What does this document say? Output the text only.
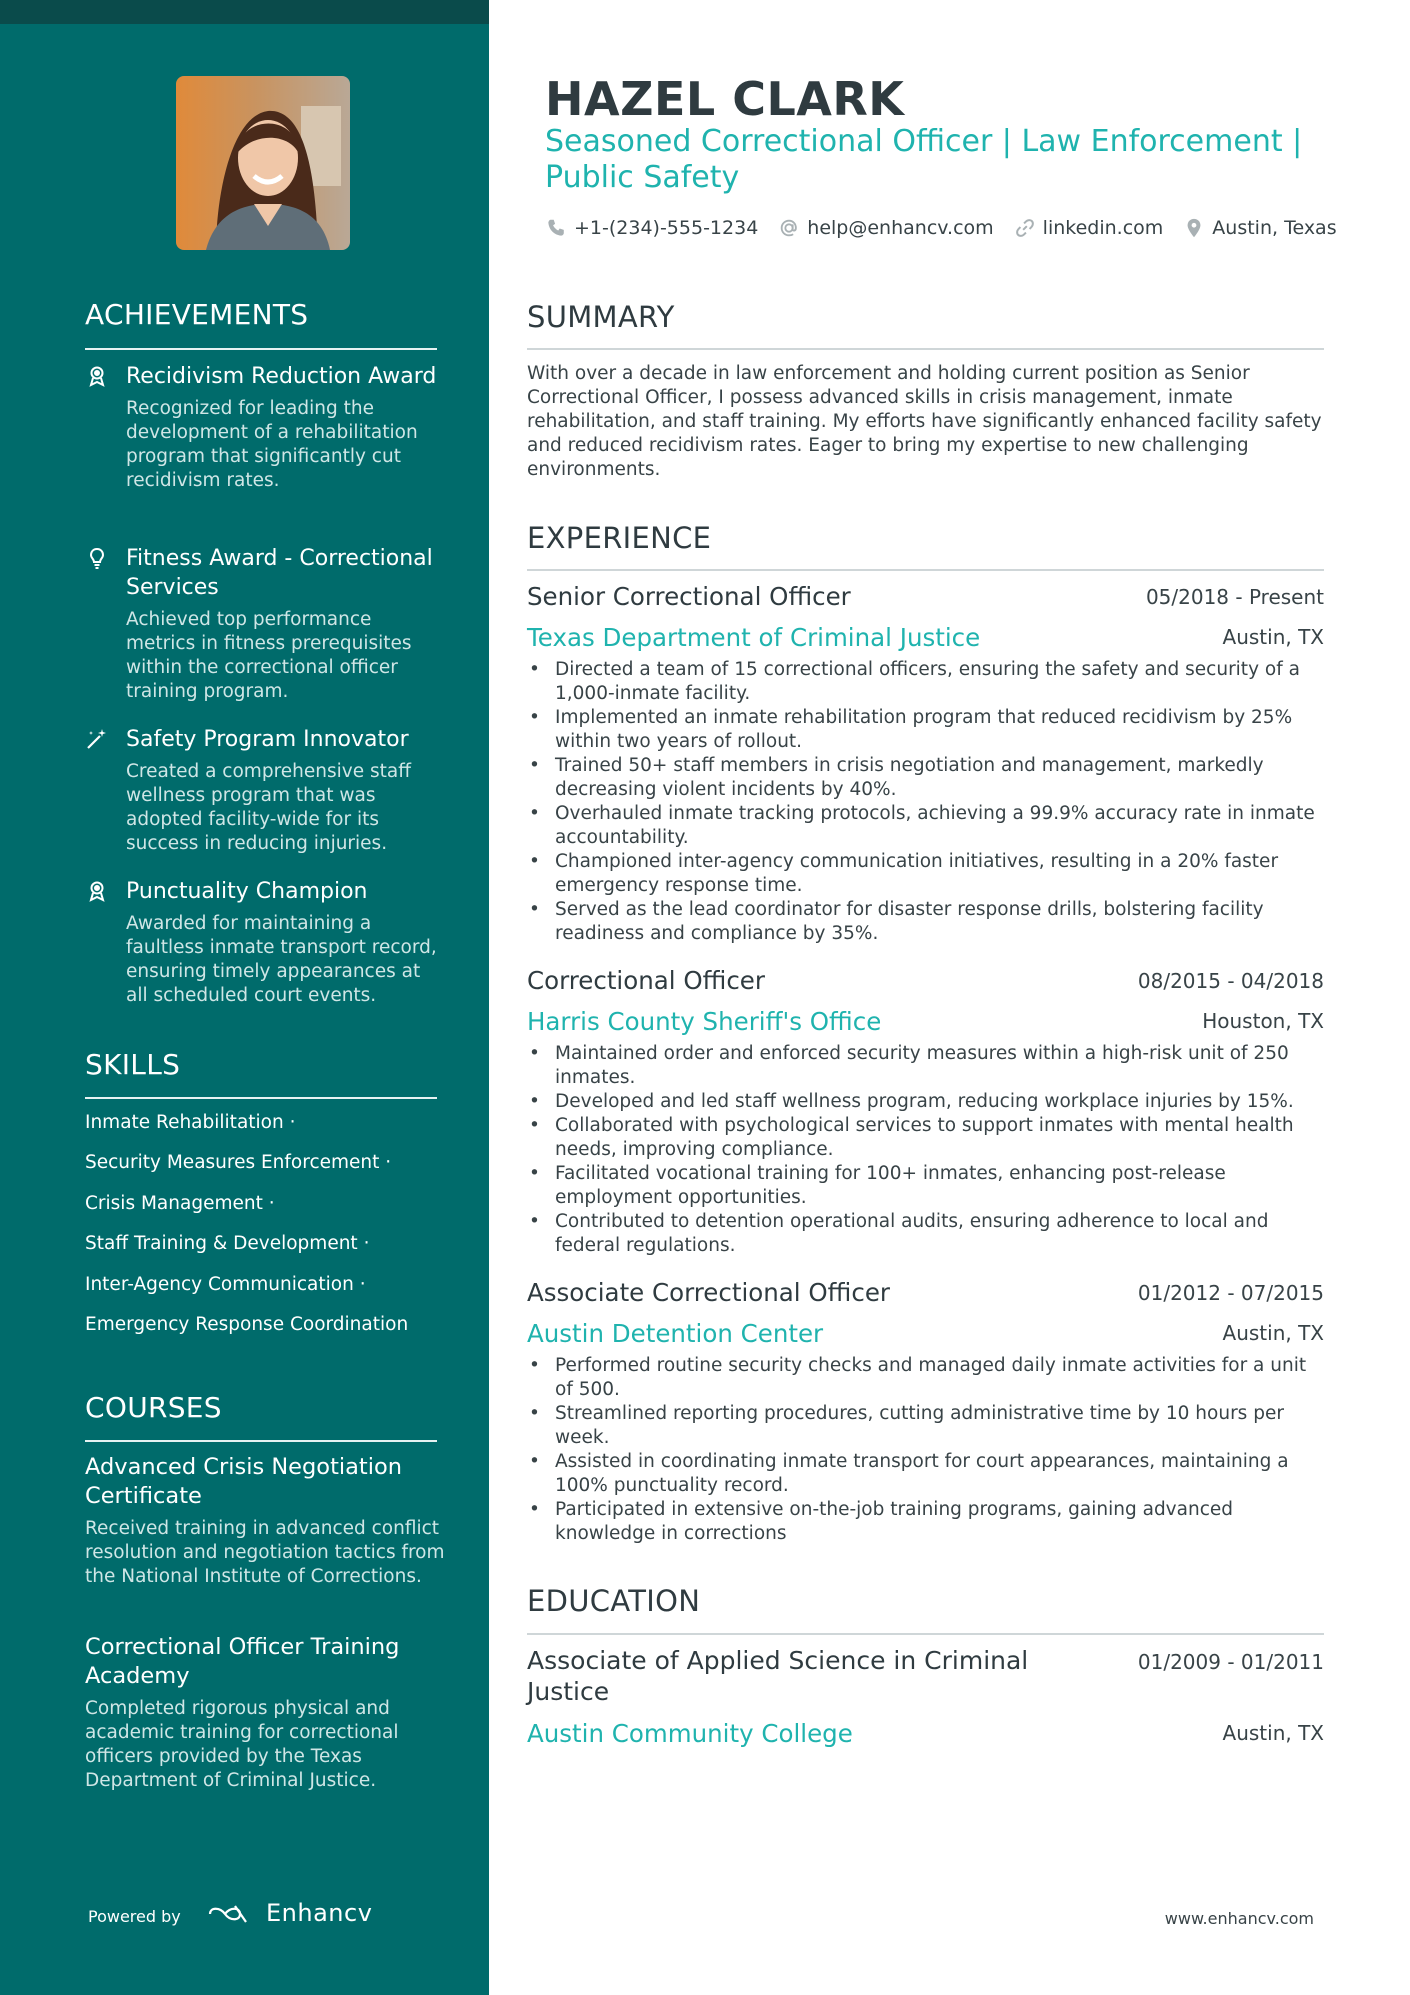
ACHIEVEMENTS
Recidivism Reduction Award
Recognized for leading the development of a rehabilitation program that significantly cut recidivism rates.
Fitness Award - Correctional Services
Achieved top performance metrics in fitness prerequisites within the correctional officer training program.
Safety Program Innovator
Created a comprehensive staff wellness program that was adopted facility-wide for its success in reducing injuries.
Punctuality Champion
Awarded for maintaining a faultless inmate transport record, ensuring timely appearances at all scheduled court events.
SKILLS
Inmate Rehabilitation ·
Security Measures Enforcement ·
Crisis Management ·
Staff Training & Development ·
Inter-Agency Communication ·
Emergency Response Coordination
COURSES
Advanced Crisis Negotiation Certificate
Received training in advanced conflict resolution and negotiation tactics from the National Institute of Corrections.
Correctional Officer Training Academy
Completed rigorous physical and academic training for correctional officers provided by the Texas Department of Criminal Justice.
Powered by	Enhancv
HAZEL CLARK
Seasoned Correctional Officer | Law Enforcement | Public Safety
+1-(234)-555-1234	help@enhancv.com	linkedin.com	Austin, Texas
SUMMARY
With over a decade in law enforcement and holding current position as Senior Correctional Officer, I possess advanced skills in crisis management, inmate rehabilitation, and staff training. My efforts have significantly enhanced facility safety and reduced recidivism rates. Eager to bring my expertise to new challenging environments.
EXPERIENCE
Senior Correctional Officer	05/2018 - Present
Texas Department of Criminal Justice	Austin, TX
• Directed a team of 15 correctional officers, ensuring the safety and security of a 1,000-inmate facility.
• Implemented an inmate rehabilitation program that reduced recidivism by 25% within two years of rollout.
• Trained 50+ staff members in crisis negotiation and management, markedly decreasing violent incidents by 40%.
• Overhauled inmate tracking protocols, achieving a 99.9% accuracy rate in inmate accountability.
• Championed inter-agency communication initiatives, resulting in a 20% faster emergency response time.
• Served as the lead coordinator for disaster response drills, bolstering facility readiness and compliance by 35%.
Correctional Officer	08/2015 - 04/2018
Harris County Sheriff's Office	Houston, TX
• Maintained order and enforced security measures within a high-risk unit of 250 inmates.
• Developed and led staff wellness program, reducing workplace injuries by 15%.
• Collaborated with psychological services to support inmates with mental health needs, improving compliance.
• Facilitated vocational training for 100+ inmates, enhancing post-release employment opportunities.
• Contributed to detention operational audits, ensuring adherence to local and federal regulations.
Associate Correctional Officer	01/2012 - 07/2015
Austin Detention Center	Austin, TX
• Performed routine security checks and managed daily inmate activities for a unit of 500.
• Streamlined reporting procedures, cutting administrative time by 10 hours per week.
• Assisted in coordinating inmate transport for court appearances, maintaining a 100% punctuality record.
• Participated in extensive on-the-job training programs, gaining advanced knowledge in corrections
EDUCATION
Associate of Applied Science in Criminal Justice
01/2009 - 01/2011
Austin Community College	Austin, TX
www.enhancv.com
